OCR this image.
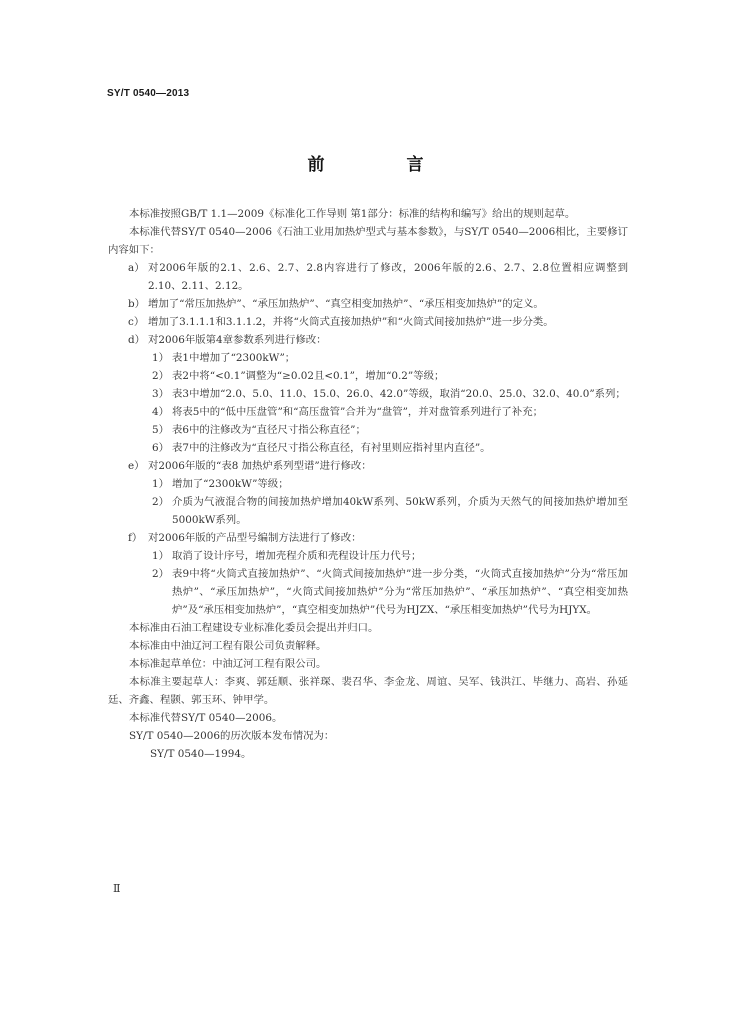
SY/T 0540—2013
前 言

本标准按照GB/T 1.1—2009《标准化工作导则 第1部分：标准的结构和编写》给出的规则起草。

本标准代替SY/T 0540—2006《石油工业用加热炉型式与基本参数》，与SY/T 0540—2006相比，主要修订内容如下：

a） 对2006年版的2.1、2.6、2.7、2.8内容进行了修改，2006年版的2.6、2.7、2.8位置相应调整到2.10、2.11、2.12。
b） 增加了“常压加热炉”、“承压加热炉”、“真空相变加热炉”、“承压相变加热炉”的定义。
c） 增加了3.1.1.1和3.1.1.2，并将“火筒式直接加热炉”和“火筒式间接加热炉”进一步分类。
d） 对2006年版第4章参数系列进行修改：
1） 表1中增加了“2300kW”；
2） 表2中将“<0.1”调整为“≥0.02且<0.1”，增加“0.2”等级；
3） 表3中增加“2.0、5.0、11.0、15.0、26.0、42.0”等级，取消“20.0、25.0、32.0、40.0”系列；
4） 将表5中的“低中压盘管”和“高压盘管”合并为“盘管”，并对盘管系列进行了补充；
5） 表6中的注修改为“直径尺寸指公称直径”；
6） 表7中的注修改为“直径尺寸指公称直径，有衬里则应指衬里内直径”。
e） 对2006年版的“表8 加热炉系列型谱”进行修改：
1） 增加了“2300kW”等级；
2） 介质为气液混合物的间接加热炉增加40kW系列、50kW系列，介质为天然气的间接加热炉增加至5000kW系列。
f） 对2006年版的产品型号编制方法进行了修改：
1） 取消了设计序号，增加壳程介质和壳程设计压力代号；
2） 表9中将“火筒式直接加热炉”、“火筒式间接加热炉”进一步分类，“火筒式直接加热炉”分为“常压加热炉”、“承压加热炉”，“火筒式间接加热炉”分为“常压加热炉”、“承压加热炉”、“真空相变加热炉”及“承压相变加热炉”，“真空相变加热炉”代号为HJZX、“承压相变加热炉”代号为HJYX。

本标准由石油工程建设专业标准化委员会提出并归口。

本标准由中油辽河工程有限公司负责解释。

本标准起草单位：中油辽河工程有限公司。

本标准主要起草人：李爽、郭廷顺、张祥琛、裴召华、李金龙、周谊、吴军、钱洪江、毕继力、高岩、孙延廷、齐鑫、程颢、郭玉环、钟甲学。

本标准代替SY/T 0540—2006。

SY/T 0540—2006的历次版本发布情况为：

SY/T 0540—1994。

Ⅱ
